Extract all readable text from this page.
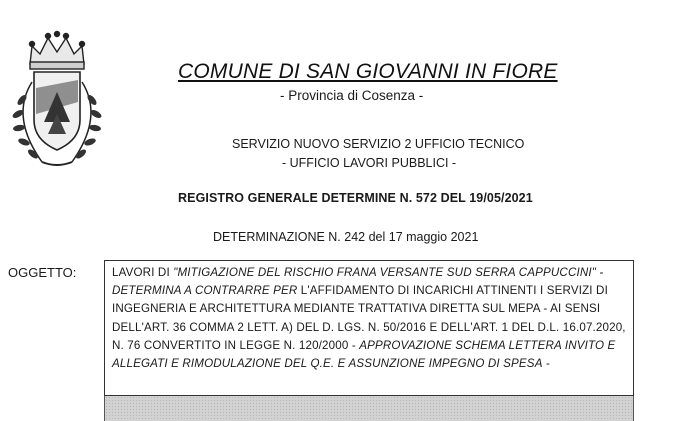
COMUNE DI SAN GIOVANNI IN FIORE
- Provincia di Cosenza -
SERVIZIO NUOVO SERVIZIO 2 UFFICIO TECNICO
- UFFICIO LAVORI PUBBLICI -
REGISTRO GENERALE DETERMINE N. 572 DEL 19/05/2021
DETERMINAZIONE N. 242 del 17 maggio 2021
OGGETTO:	LAVORI DI "MITIGAZIONE DEL RISCHIO FRANA VERSANTE SUD SERRA CAPPUCCINI" - DETERMINA A CONTRARRE PER L'AFFIDAMENTO DI INCARICHI ATTINENTI I SERVIZI DI INGEGNERIA E ARCHITETTURA MEDIANTE TRATTATIVA DIRETTA SUL MEPA - AI SENSI DELL'ART. 36 COMMA 2 LETT. A) DEL D. LGS. N. 50/2016 E DELL'ART. 1 DEL D.L. 16.07.2020, N. 76 CONVERTITO IN LEGGE N. 120/2000 - APPROVAZIONE SCHEMA LETTERA INVITO E ALLEGATI E RIMODULAZIONE DEL Q.E. E ASSUNZIONE IMPEGNO DI SPESA -
